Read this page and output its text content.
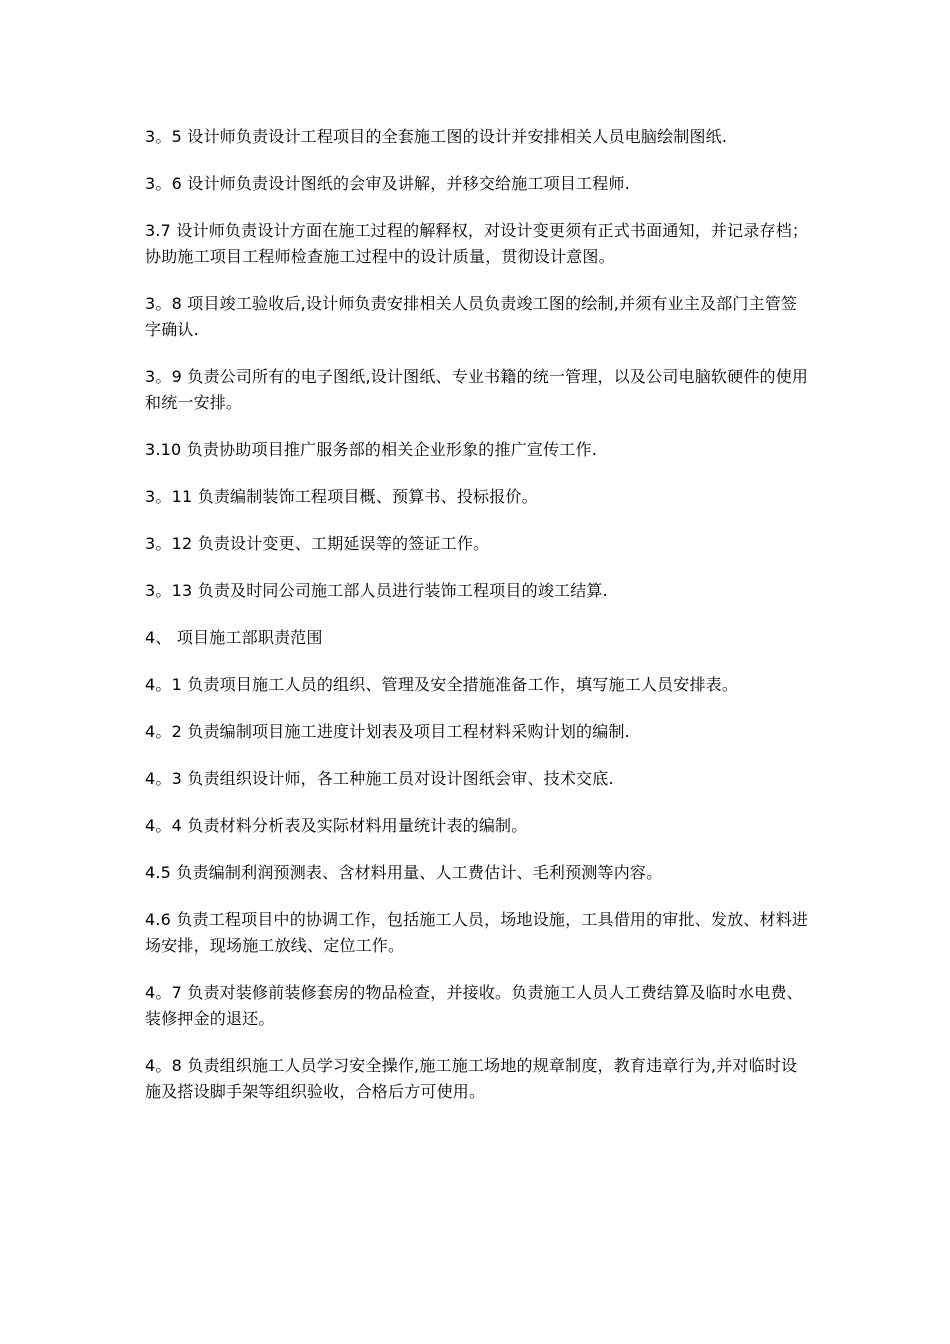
3。5 设计师负责设计工程项目的全套施工图的设计并安排相关人员电脑绘制图纸.

3。6 设计师负责设计图纸的会审及讲解，并移交给施工项目工程师.

3.7 设计师负责设计方面在施工过程的解释权，对设计变更须有正式书面通知，并记录存档；协助施工项目工程师检查施工过程中的设计质量，贯彻设计意图。

3。8 项目竣工验收后,设计师负责安排相关人员负责竣工图的绘制,并须有业主及部门主管签字确认.

3。9 负责公司所有的电子图纸,设计图纸、专业书籍的统一管理，以及公司电脑软硬件的使用和统一安排。

3.10 负责协助项目推广服务部的相关企业形象的推广宣传工作.

3。11 负责编制装饰工程项目概、预算书、投标报价。

3。12 负责设计变更、工期延误等的签证工作。

3。13 负责及时同公司施工部人员进行装饰工程项目的竣工结算.

4、 项目施工部职责范围

4。1 负责项目施工人员的组织、管理及安全措施准备工作，填写施工人员安排表。

4。2 负责编制项目施工进度计划表及项目工程材料采购计划的编制.

4。3 负责组织设计师，各工种施工员对设计图纸会审、技术交底.

4。4 负责材料分析表及实际材料用量统计表的编制。

4.5 负责编制利润预测表、含材料用量、人工费估计、毛利预测等内容。

4.6 负责工程项目中的协调工作，包括施工人员，场地设施，工具借用的审批、发放、材料进场安排，现场施工放线、定位工作。

4。7 负责对装修前装修套房的物品检查，并接收。负责施工人员人工费结算及临时水电费、装修押金的退还。

4。8 负责组织施工人员学习安全操作,施工施工场地的规章制度，教育违章行为,并对临时设施及搭设脚手架等组织验收，合格后方可使用。
